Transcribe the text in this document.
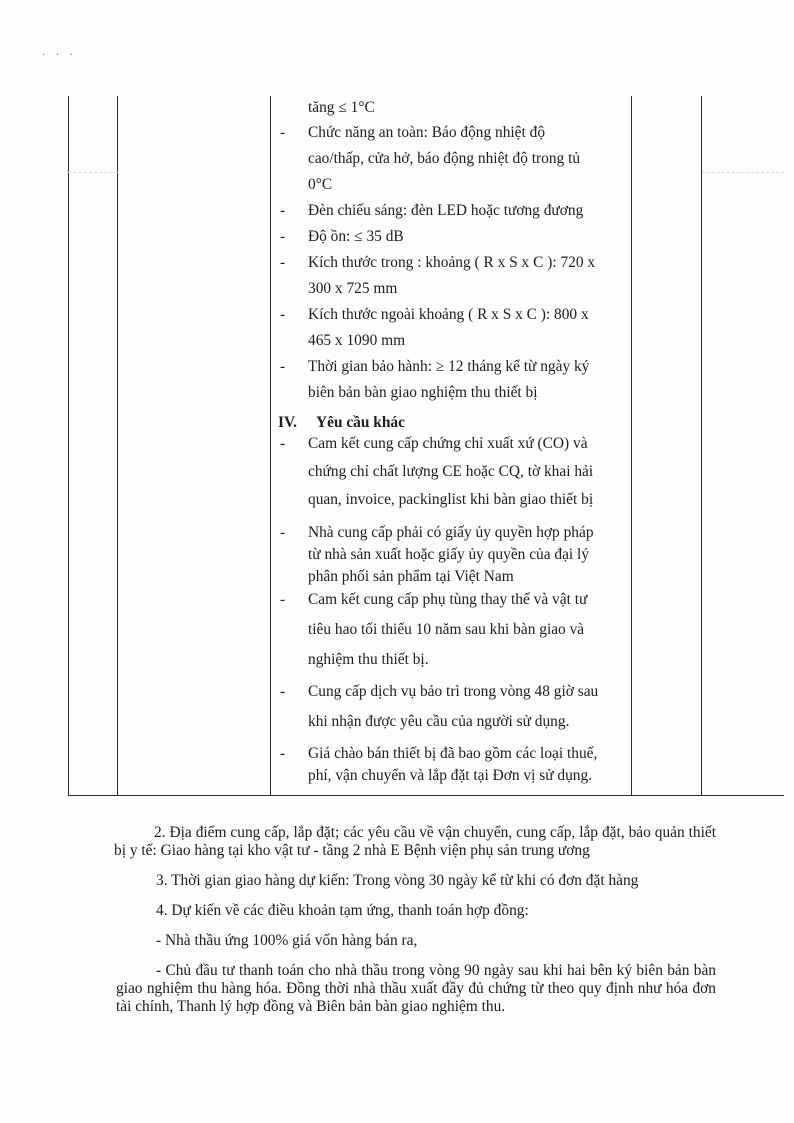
· · ·
tăng ≤ 1°C
- Chức năng an toàn: Báo động nhiệt độ
cao/thấp, cửa hở, báo động nhiệt độ trong tủ
0°C
- Đèn chiếu sáng: đèn LED hoặc tương đương
- Độ ồn: ≤ 35 dB
- Kích thước trong : khoảng ( R x S x C ): 720 x
300 x 725 mm
- Kích thước ngoài khoảng ( R x S x C ): 800 x
465 x 1090 mm
- Thời gian bảo hành: ≥ 12 tháng kể từ ngày ký
biên bản bàn giao nghiệm thu thiết bị
IV. Yêu cầu khác
- Cam kết cung cấp chứng chỉ xuất xứ (CO) và
chứng chỉ chất lượng CE hoặc CQ, tờ khai hải
quan, invoice, packinglist khi bàn giao thiết bị
- Nhà cung cấp phải có giấy ủy quyền hợp pháp
từ nhà sản xuất hoặc giấy ủy quyền của đại lý
phân phối sản phẩm tại Việt Nam
- Cam kết cung cấp phụ tùng thay thế và vật tư
tiêu hao tối thiểu 10 năm sau khi bàn giao và
nghiệm thu thiết bị.
- Cung cấp dịch vụ bảo trì trong vòng 48 giờ sau
khi nhận được yêu cầu của người sử dụng.
- Giá chào bán thiết bị đã bao gồm các loại thuế,
phí, vận chuyển và lắp đặt tại Đơn vị sử dụng.

2. Địa điểm cung cấp, lắp đặt; các yêu cầu về vận chuyển, cung cấp, lắp đặt, bảo quản thiết bị y tế: Giao hàng tại kho vật tư - tầng 2 nhà E Bệnh viện phụ sản trung ương

3. Thời gian giao hàng dự kiến: Trong vòng 30 ngày kể từ khi có đơn đặt hàng

4. Dự kiến về các điều khoản tạm ứng, thanh toán hợp đồng:

- Nhà thầu ứng 100% giá vốn hàng bán ra,

- Chủ đầu tư thanh toán cho nhà thầu trong vòng 90 ngày sau khi hai bên ký biên bản bàn giao nghiệm thu hàng hóa. Đồng thời nhà thầu xuất đầy đủ chứng từ theo quy định như hóa đơn tài chính, Thanh lý hợp đồng và Biên bản bàn giao nghiệm thu.
